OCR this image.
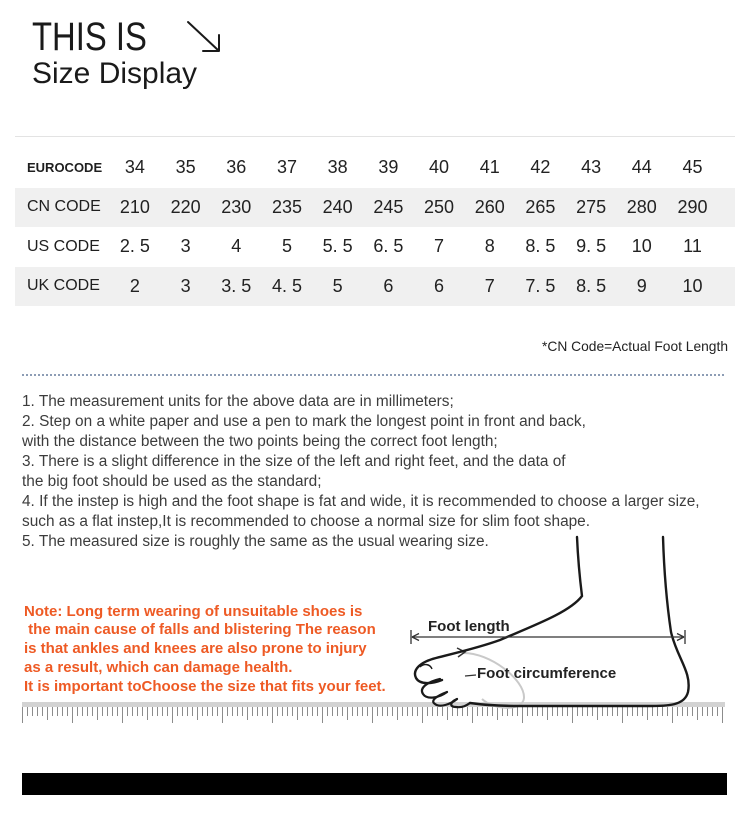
THIS IS
Size Display
EUROCODE	34	35	36	37	38	39	40	41	42	43	44	45
CN CODE	210	220	230	235	240	245	250	260	265	275	280	290
US CODE	2. 5	3	4	5	5. 5	6. 5	7	8	8. 5	9. 5	10	11
UK CODE	2	3	3. 5	4. 5	5	6	6	7	7. 5	8. 5	9	10
*CN Code=Actual Foot Length
1. The measurement units for the above data are in millimeters;
2. Step on a white paper and use a pen to mark the longest point in front and back,
with the distance between the two points being the correct foot length;
3. There is a slight difference in the size of the left and right feet, and the data of
the big foot should be used as the standard;
4. If the instep is high and the foot shape is fat and wide, it is recommended to choose a larger size,
such as a flat instep,It is recommended to choose a normal size for slim foot shape.
5. The measured size is roughly the same as the usual wearing size.
Note: Long term wearing of unsuitable shoes is
the main cause of falls and blistering The reason
is that ankles and knees are also prone to injury
as a result, which can damage health.
It is important toChoose the size that fits your feet.
Foot length
Foot circumference
